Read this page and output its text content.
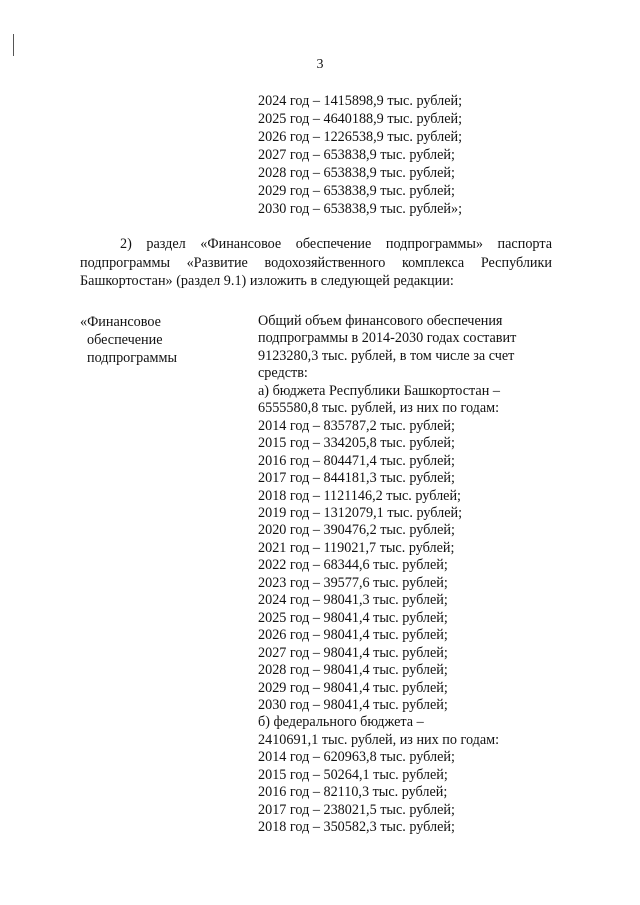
3
2024 год – 1415898,9 тыс. рублей;
2025 год – 4640188,9 тыс. рублей;
2026 год – 1226538,9 тыс. рублей;
2027 год – 653838,9 тыс. рублей;
2028 год – 653838,9 тыс. рублей;
2029 год – 653838,9 тыс. рублей;
2030 год – 653838,9 тыс. рублей»;
2) раздел «Финансовое обеспечение подпрограммы» паспорта подпрограммы «Развитие водохозяйственного комплекса Республики Башкортостан» (раздел 9.1) изложить в следующей редакции:
«Финансовое
обеспечение
подпрограммы
Общий объем финансового обеспечения
подпрограммы в 2014-2030 годах составит
9123280,3 тыс. рублей, в том числе за счет
средств:
а) бюджета Республики Башкортостан –
6555580,8 тыс. рублей, из них по годам:
2014 год – 835787,2 тыс. рублей;
2015 год – 334205,8 тыс. рублей;
2016 год – 804471,4 тыс. рублей;
2017 год – 844181,3 тыс. рублей;
2018 год – 1121146,2 тыс. рублей;
2019 год – 1312079,1 тыс. рублей;
2020 год – 390476,2 тыс. рублей;
2021 год – 119021,7 тыс. рублей;
2022 год – 68344,6 тыс. рублей;
2023 год – 39577,6 тыс. рублей;
2024 год – 98041,3 тыс. рублей;
2025 год – 98041,4 тыс. рублей;
2026 год – 98041,4 тыс. рублей;
2027 год – 98041,4 тыс. рублей;
2028 год – 98041,4 тыс. рублей;
2029 год – 98041,4 тыс. рублей;
2030 год – 98041,4 тыс. рублей;
б) федерального бюджета –
2410691,1 тыс. рублей, из них по годам:
2014 год – 620963,8 тыс. рублей;
2015 год – 50264,1 тыс. рублей;
2016 год – 82110,3 тыс. рублей;
2017 год – 238021,5 тыс. рублей;
2018 год – 350582,3 тыс. рублей;
